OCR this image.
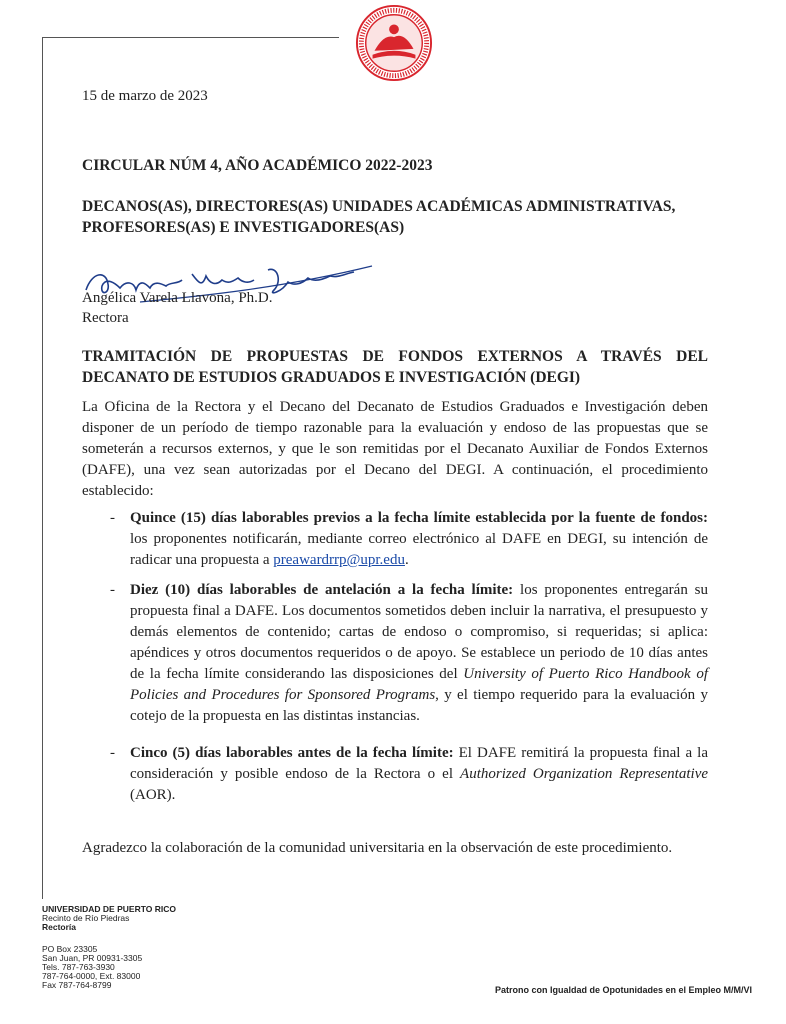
15 de marzo de 2023
CIRCULAR NÚM 4, AÑO ACADÉMICO 2022-2023
DECANOS(AS), DIRECTORES(AS) UNIDADES ACADÉMICAS ADMINISTRATIVAS,
PROFESORES(AS) E INVESTIGADORES(AS)
Angélica Varela Llavona, Ph.D.
Rectora
TRAMITACIÓN DE PROPUESTAS DE FONDOS EXTERNOS A TRAVÉS DEL
DECANATO DE ESTUDIOS GRADUADOS E INVESTIGACIÓN (DEGI)
La Oficina de la Rectora y el Decano del Decanato de Estudios Graduados e Investigación deben disponer de un período de tiempo razonable para la evaluación y endoso de las propuestas que se someterán a recursos externos, y que le son remitidas por el Decanato Auxiliar de Fondos Externos (DAFE), una vez sean autorizadas por el Decano del DEGI. A continuación, el procedimiento establecido:
- Quince (15) días laborables previos a la fecha límite establecida por la fuente de fondos: los proponentes notificarán, mediante correo electrónico al DAFE en DEGI, su intención de radicar una propuesta a preawardrrp@upr.edu.
- Diez (10) días laborables de antelación a la fecha límite: los proponentes entregarán su propuesta final a DAFE. Los documentos sometidos deben incluir la narrativa, el presupuesto y demás elementos de contenido; cartas de endoso o compromiso, si requeridas; si aplica: apéndices y otros documentos requeridos o de apoyo. Se establece un periodo de 10 días antes de la fecha límite considerando las disposiciones del University of Puerto Rico Handbook of Policies and Procedures for Sponsored Programs, y el tiempo requerido para la evaluación y cotejo de la propuesta en las distintas instancias.
- Cinco (5) días laborables antes de la fecha límite: El DAFE remitirá la propuesta final a la consideración y posible endoso de la Rectora o el Authorized Organization Representative (AOR).
Agradezco la colaboración de la comunidad universitaria en la observación de este procedimiento.
UNIVERSIDAD DE PUERTO RICO
Recinto de Río Piedras
Rectoría
PO Box 23305
San Juan, PR 00931-3305
Tels. 787-763-3930
787-764-0000, Ext. 83000
Fax 787-764-8799	Patrono con Igualdad de Opotunidades en el Empleo M/M/VI
